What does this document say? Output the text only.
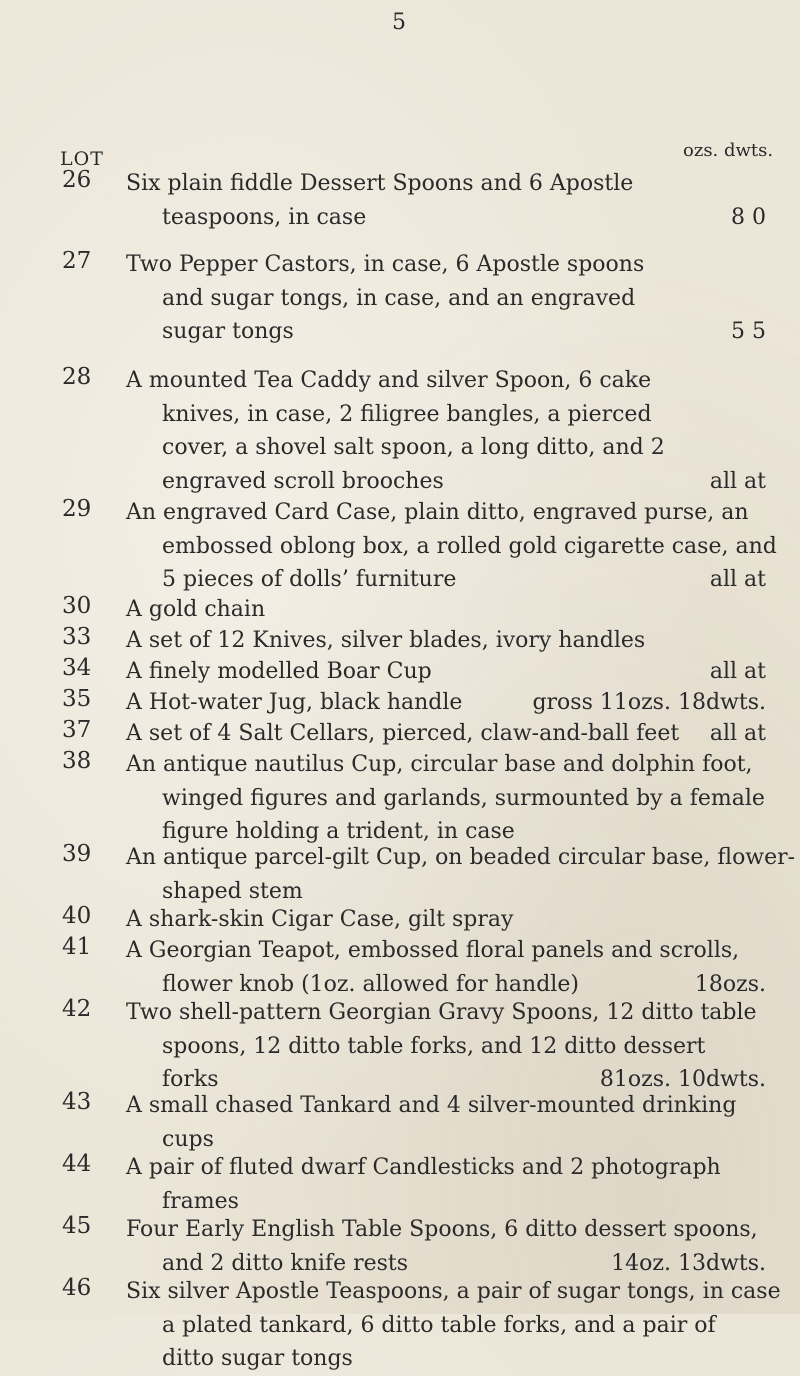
5
LOT	ozs. dwts.
26 Six plain fiddle Dessert Spoons and 6 Apostle
teaspoons, in case	8 0
27 Two Pepper Castors, in case, 6 Apostle spoons
and sugar tongs, in case, and an engraved
sugar tongs	5 5
28 A mounted Tea Caddy and silver Spoon, 6 cake
knives, in case, 2 filigree bangles, a pierced
cover, a shovel salt spoon, a long ditto, and 2
engraved scroll brooches	all at
29 An engraved Card Case, plain ditto, engraved purse, an
embossed oblong box, a rolled gold cigarette case, and
5 pieces of dolls’ furniture	all at
30 A gold chain
33 A set of 12 Knives, silver blades, ivory handles
34 A finely modelled Boar Cup	all at
35 A Hot-water Jug, black handle	gross 11ozs. 18dwts.
37 A set of 4 Salt Cellars, pierced, claw-and-ball feet all at
38 An antique nautilus Cup, circular base and dolphin foot,
winged figures and garlands, surmounted by a female
figure holding a trident, in case
39 An antique parcel-gilt Cup, on beaded circular base, flower-
shaped stem
40 A shark-skin Cigar Case, gilt spray
41 A Georgian Teapot, embossed floral panels and scrolls,
flower knob (1oz. allowed for handle)	18ozs.
42 Two shell-pattern Georgian Gravy Spoons, 12 ditto table
spoons, 12 ditto table forks, and 12 ditto dessert
forks	81ozs. 10dwts.
43 A small chased Tankard and 4 silver-mounted drinking
cups
44 A pair of fluted dwarf Candlesticks and 2 photograph
frames
45 Four Early English Table Spoons, 6 ditto dessert spoons,
and 2 ditto knife rests	14oz. 13dwts.
46 Six silver Apostle Teaspoons, a pair of sugar tongs, in case
a plated tankard, 6 ditto table forks, and a pair of
ditto sugar tongs
